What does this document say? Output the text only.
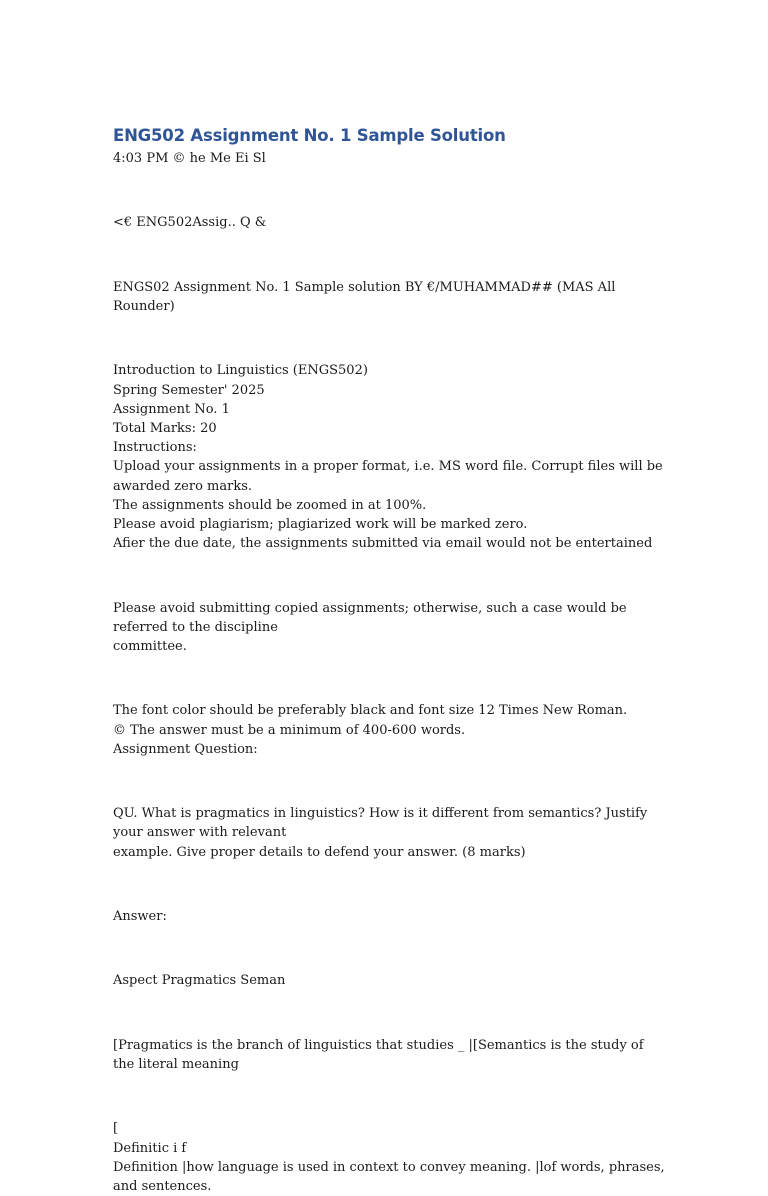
ENG502 Assignment No. 1 Sample Solution

4:03 PM © he Me Ei Sl

<€ ENG502Assig.. Q &

ENGS02 Assignment No. 1 Sample solution BY €/MUHAMMAD## (MAS All Rounder)

Introduction to Linguistics (ENGS502)

Spring Semester' 2025

Assignment No. 1

Total Marks: 20

Instructions:

Upload your assignments in a proper format, i.e. MS word file. Corrupt files will be awarded zero marks.

The assignments should be zoomed in at 100%.

Please avoid plagiarism; plagiarized work will be marked zero.

Afier the due date, the assignments submitted via email would not be entertained

Please avoid submitting copied assignments; otherwise, such a case would be referred to the discipline

committee.

The font color should be preferably black and font size 12 Times New Roman.

© The answer must be a minimum of 400-600 words.

Assignment Question:

QU. What is pragmatics in linguistics? How is it different from semantics? Justify your answer with relevant

example. Give proper details to defend your answer. (8 marks)

Answer:

Aspect Pragmatics Seman

[Pragmatics is the branch of linguistics that studies _ |[Semantics is the study of the literal meaning

[

Definitic i f

Definition |how language is used in context to convey meaning. |lof words, phrases, and sentences.
